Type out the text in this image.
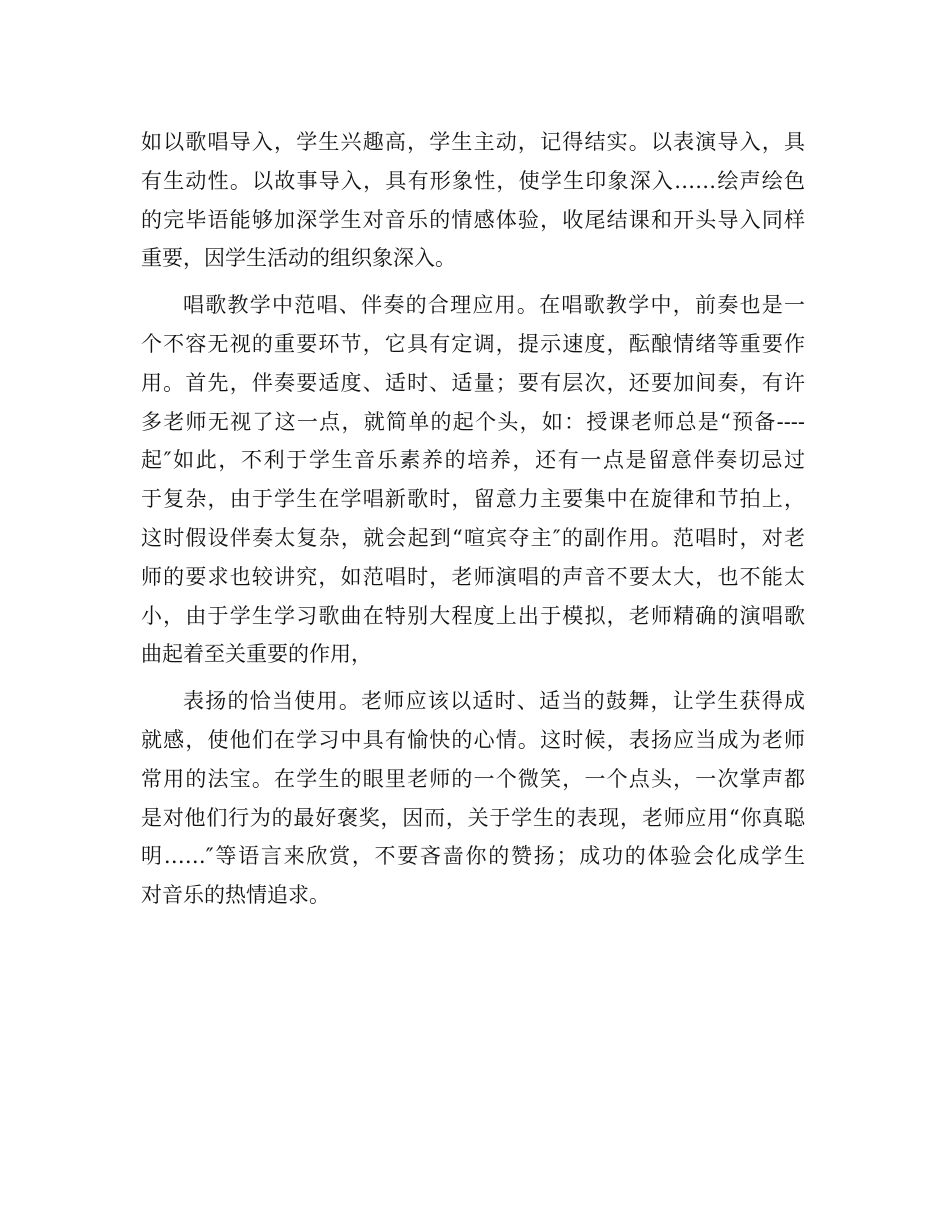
如以歌唱导入，学生兴趣高，学生主动，记得结实。以表演导入，具
有生动性。以故事导入，具有形象性，使学生印象深入……绘声绘色
的完毕语能够加深学生对音乐的情感体验，收尾结课和开头导入同样
重要，因学生活动的组织象深入。
唱歌教学中范唱、伴奏的合理应用。在唱歌教学中，前奏也是一
个不容无视的重要环节，它具有定调，提示速度，酝酿情绪等重要作
用。首先，伴奏要适度、适时、适量；要有层次，还要加间奏，有许
多老师无视了这一点，就简单的起个头，如：授课老师总是“预备----
起″如此，不利于学生音乐素养的培养，还有一点是留意伴奏切忌过
于复杂，由于学生在学唱新歌时，留意力主要集中在旋律和节拍上，
这时假设伴奏太复杂，就会起到“喧宾夺主″的副作用。范唱时，对老
师的要求也较讲究，如范唱时，老师演唱的声音不要太大，也不能太
小，由于学生学习歌曲在特别大程度上出于模拟，老师精确的演唱歌
曲起着至关重要的作用，
表扬的恰当使用。老师应该以适时、适当的鼓舞，让学生获得成
就感，使他们在学习中具有愉快的心情。这时候，表扬应当成为老师
常用的法宝。在学生的眼里老师的一个微笑，一个点头，一次掌声都
是对他们行为的最好褒奖，因而，关于学生的表现，老师应用“你真聪
明……″等语言来欣赏，不要吝啬你的赞扬；成功的体验会化成学生
对音乐的热情追求。
